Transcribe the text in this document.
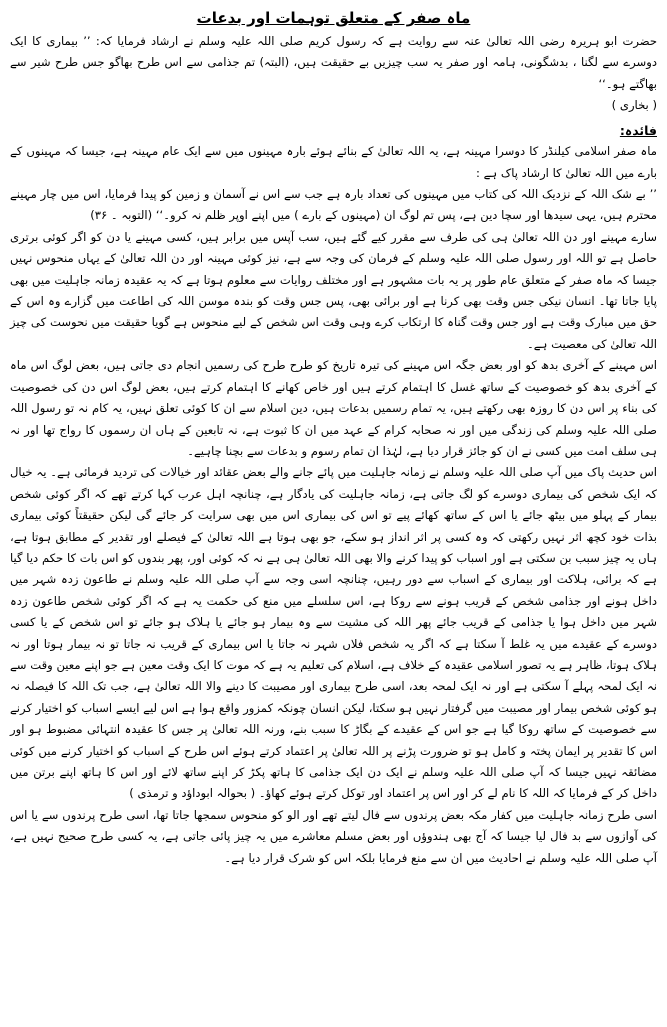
ماہ صفر کے متعلق توہمات اور بدعات

حضرت ابو ہریرہ رضی اللہ تعالیٰ عنہ سے روایت ہے کہ رسول کریم صلی اللہ علیہ وسلم نے ارشاد فرمایا کہ: ’’ بیماری کا ایک دوسرے سے لگنا ، بدشگونی، ہامہ اور صفر یہ سب چیزیں بے حقیقت ہیں، (البتہ) تم جذامی سے اس طرح بھاگو جس طرح شیر سے بھاگتے ہو۔‘‘

( بخاری )

فائدہ:

ماہ صفر اسلامی کیلنڈر کا دوسرا مہینہ ہے، یہ اللہ تعالیٰ کے بنائے ہوئے بارہ مہینوں میں سے ایک عام مہینہ ہے، جیسا کہ مہینوں کے بارے میں اللہ تعالیٰ کا ارشاد پاک ہے :

’’ بے شک اللہ کے نزدیک اللہ کی کتاب میں مہینوں کی تعداد بارہ ہے جب سے اس نے آسمان و زمین کو پیدا فرمایا، اس میں چار مہینے محترم ہیں، یہی سیدھا اور سچا دین ہے، پس تم لوگ ان (مہینوں کے بارے ) میں اپنے اوپر ظلم نہ کرو۔‘‘ (التوبہ ۔ ۳۶)

سارے مہینے اور دن اللہ تعالیٰ ہی کی طرف سے مقرر کیے گئے ہیں، سب آپس میں برابر ہیں، کسی مہینے یا دن کو اگر کوئی برتری حاصل ہے تو اللہ اور رسول صلی اللہ علیہ وسلم کے فرمان کی وجہ سے ہے، نیز کوئی مہینہ اور دن اللہ تعالیٰ کے یہاں منحوس نہیں جیسا کہ ماہ صفر کے متعلق عام طور پر یہ بات مشہور ہے اور مختلف روایات سے معلوم ہوتا ہے کہ یہ عقیدہ زمانہ جاہلیت میں بھی پایا جاتا تھا۔ انسان نیکی جس وقت بھی کرنا ہے اور برائی بھی، پس جس وقت کو بندہ موسن اللہ کی اطاعت میں گزارے وہ اس کے حق میں مبارک وقت ہے اور جس وقت گناہ کا ارتکاب کرے وہی وقت اس شخص کے لیے منحوس ہے گویا حقیقت میں نحوست کی چیز اللہ تعالیٰ کی معصیت ہے۔

اس مہینے کے آخری بدھ کو اور بعض جگہ اس مہینے کی تیرہ تاریخ کو طرح طرح کی رسمیں انجام دی جاتی ہیں، بعض لوگ اس ماہ کے آخری بدھ کو خصوصیت کے ساتھ غسل کا اہتمام کرتے ہیں اور خاص کھانے کا اہتمام کرتے ہیں، بعض لوگ اس دن کی خصوصیت کی بناء پر اس دن کا روزہ بھی رکھتے ہیں، یہ تمام رسمیں بدعات ہیں، دین اسلام سے ان کا کوئی تعلق نہیں، یہ کام نہ تو رسول اللہ صلی اللہ علیہ وسلم کی زندگی میں اور نہ صحابہ کرام کے عہد میں ان کا ثبوت ہے، نہ تابعین کے ہاں ان رسموں کا رواج تھا اور نہ ہی سلف امت میں کسی نے ان کو جائز قرار دیا ہے، لہٰذا ان تمام رسوم و بدعات سے بچنا چاہیے۔

اس حدیث پاک میں آپ صلی اللہ علیہ وسلم نے زمانہ جاہلیت میں پائے جانے والے بعض عقائد اور خیالات کی تردید فرمائی ہے۔ یہ خیال کہ ایک شخص کی بیماری دوسرے کو لگ جاتی ہے، زمانہ جاہلیت کی یادگار ہے، چنانچہ اہل عرب کہا کرتے تھے کہ اگر کوئی شخص بیمار کے پہلو میں بیٹھ جائے یا اس کے ساتھ کھائے پیے تو اس کی بیماری اس میں بھی سرایت کر جائے گی لیکن حقیقتاً کوئی بیماری بذات خود کچھ اثر نہیں رکھتی کہ وہ کسی پر اثر انداز ہو سکے، جو بھی ہوتا ہے اللہ تعالیٰ کے فیصلے اور تقدیر کے مطابق ہوتا ہے، ہاں یہ چیز سبب بن سکتی ہے اور اسباب کو پیدا کرنے والا بھی اللہ تعالیٰ ہی ہے نہ کہ کوئی اور، پھر بندوں کو اس بات کا حکم دیا گیا ہے کہ برائی، ہلاکت اور بیماری کے اسباب سے دور رہیں، چنانچہ اسی وجہ سے آپ صلی اللہ علیہ وسلم نے طاعون زدہ شہر میں داخل ہونے اور جذامی شخص کے قریب ہونے سے روکا ہے، اس سلسلے میں منع کی حکمت یہ ہے کہ اگر کوئی شخص طاعون زدہ شہر میں داخل ہوا یا جذامی کے قریب جائے پھر اللہ کی مشیت سے وہ بیمار ہو جائے یا ہلاک ہو جائے تو اس شخص کے یا کسی دوسرے کے عقیدے میں یہ غلط آ سکتا ہے کہ اگر یہ شخص فلاں شہر نہ جاتا یا اس بیماری کے قریب نہ جاتا تو نہ بیمار ہوتا اور نہ ہلاک ہوتا، ظاہر ہے یہ تصور اسلامی عقیدہ کے خلاف ہے، اسلام کی تعلیم یہ ہے کہ موت کا ایک وقت معین ہے جو اپنے معین وقت سے نہ ایک لمحہ پہلے آ سکتی ہے اور نہ ایک لمحہ بعد، اسی طرح بیماری اور مصیبت کا دینے والا اللہ تعالیٰ ہے، جب تک اللہ کا فیصلہ نہ ہو کوئی شخص بیمار اور مصیبت میں گرفتار نہیں ہو سکتا، لیکن انسان چونکہ کمزور واقع ہوا ہے اس لیے ایسے اسباب کو اختیار کرنے سے خصوصیت کے ساتھ روکا گیا ہے جو اس کے عقیدے کے بگاڑ کا سبب بنے، ورنہ اللہ تعالیٰ پر جس کا عقیدہ انتہائی مضبوط ہو اور اس کا تقدیر پر ایمان پختہ و کامل ہو تو ضرورت پڑنے پر اللہ تعالیٰ پر اعتماد کرتے ہوئے اس طرح کے اسباب کو اختیار کرنے میں کوئی مضائقہ نہیں جیسا کہ آپ صلی اللہ علیہ وسلم نے ایک دن ایک جذامی کا ہاتھ پکڑ کر اپنے ساتھ لائے اور اس کا ہاتھ اپنے برتن میں داخل کر کے فرمایا کہ اللہ کا نام لے کر اور اس پر اعتماد اور توکل کرتے ہوئے کھاؤ۔ ( بحوالہ ابوداؤد و ترمذی )

اسی طرح زمانہ جاہلیت میں کفار مکہ بعض پرندوں سے فال لیتے تھے اور الو کو منحوس سمجھا جاتا تھا، اسی طرح پرندوں سے یا اس کی آوازوں سے بد فال لیا جیسا کہ آج بھی ہندوؤں اور بعض مسلم معاشرے میں یہ چیز پائی جاتی ہے، یہ کسی طرح صحیح نہیں ہے، آپ صلی اللہ علیہ وسلم نے احادیث میں ان سے منع فرمایا بلکہ اس کو شرک قرار دیا ہے۔
